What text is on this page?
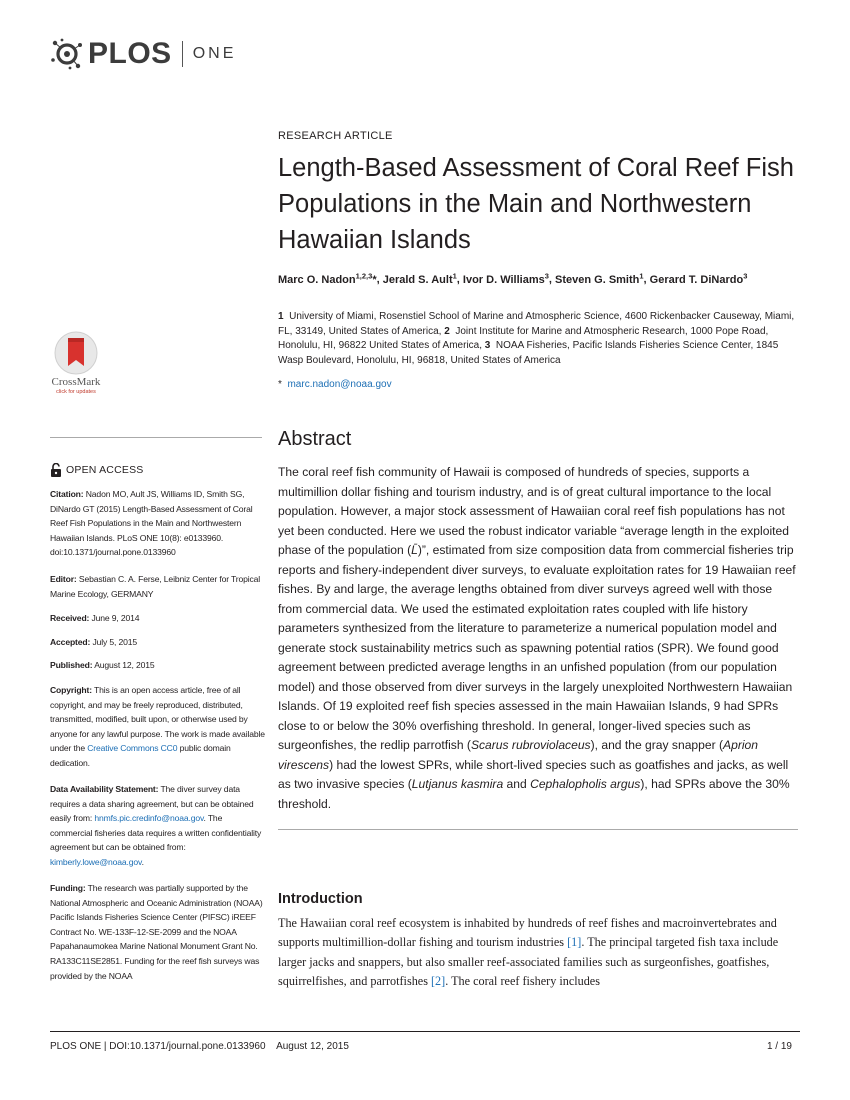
PLOS ONE
RESEARCH ARTICLE
Length-Based Assessment of Coral Reef Fish Populations in the Main and Northwestern Hawaiian Islands
Marc O. Nadon$^{1,2,3}$*, Jerald S. Ault$^1$, Ivor D. Williams$^3$, Steven G. Smith$^1$, Gerard T. DiNardo$^3$
1 University of Miami, Rosenstiel School of Marine and Atmospheric Science, 4600 Rickenbacker Causeway, Miami, FL, 33149, United States of America, 2 Joint Institute for Marine and Atmospheric Research, 1000 Pope Road, Honolulu, HI, 96822 United States of America, 3 NOAA Fisheries, Pacific Islands Fisheries Science Center, 1845 Wasp Boulevard, Honolulu, HI, 96818, United States of America
* marc.nadon@noaa.gov
CrossMark
click for updates
Abstract
The coral reef fish community of Hawaii is composed of hundreds of species, supports a multimillion dollar fishing and tourism industry, and is of great cultural importance to the local population. However, a major stock assessment of Hawaiian coral reef fish populations has not yet been conducted. Here we used the robust indicator variable “average length in the exploited phase of the population (L̄)”, estimated from size composition data from commercial fisheries trip reports and fishery-independent diver surveys, to evaluate exploitation rates for 19 Hawaiian reef fishes. By and large, the average lengths obtained from diver surveys agreed well with those from commercial data. We used the estimated exploitation rates coupled with life history parameters synthesized from the literature to parameterize a numerical population model and generate stock sustainability metrics such as spawning potential ratios (SPR). We found good agreement between predicted average lengths in an unfished population (from our population model) and those observed from diver surveys in the largely unexploited Northwestern Hawaiian Islands. Of 19 exploited reef fish species assessed in the main Hawaiian Islands, 9 had SPRs close to or below the 30% overfishing threshold. In general, longer-lived species such as surgeonfishes, the redlip parrotfish (Scarus rubroviolaceus), and the gray snapper (Aprion virescens) had the lowest SPRs, while short-lived species such as goatfishes and jacks, as well as two invasive species (Lutjanus kasmira and Cephalopholis argus), had SPRs above the 30% threshold.
Introduction
The Hawaiian coral reef ecosystem is inhabited by hundreds of reef fishes and macroinvertebrates and supports multimillion-dollar fishing and tourism industries [1]. The principal targeted fish taxa include larger jacks and snappers, but also smaller reef-associated families such as surgeonfishes, goatfishes, squirrelfishes, and parrotfishes [2]. The coral reef fishery includes
OPEN ACCESS
Citation: Nadon MO, Ault JS, Williams ID, Smith SG, DiNardo GT (2015) Length-Based Assessment of Coral Reef Fish Populations in the Main and Northwestern Hawaiian Islands. PLoS ONE 10(8): e0133960. doi:10.1371/journal.pone.0133960
Editor: Sebastian C. A. Ferse, Leibniz Center for Tropical Marine Ecology, GERMANY
Received: June 9, 2014
Accepted: July 5, 2015
Published: August 12, 2015
Copyright: This is an open access article, free of all copyright, and may be freely reproduced, distributed, transmitted, modified, built upon, or otherwise used by anyone for any lawful purpose. The work is made available under the Creative Commons CC0 public domain dedication.
Data Availability Statement: The diver survey data requires a data sharing agreement, but can be obtained easily from: hnmfs.pic.credinfo@noaa.gov. The commercial fisheries data requires a written confidentiality agreement but can be obtained from: kimberly.lowe@noaa.gov.
Funding: The research was partially supported by the National Atmospheric and Oceanic Administration (NOAA) Pacific Islands Fisheries Science Center (PIFSC) iREEF Contract No. WE-133F-12-SE-2099 and the NOAA Papahanaumokea Marine National Monument Grant No. RA133C11SE2851. Funding for the reef fish surveys was provided by the NOAA
PLOS ONE | DOI:10.1371/journal.pone.0133960    August 12, 2015	1 / 19
